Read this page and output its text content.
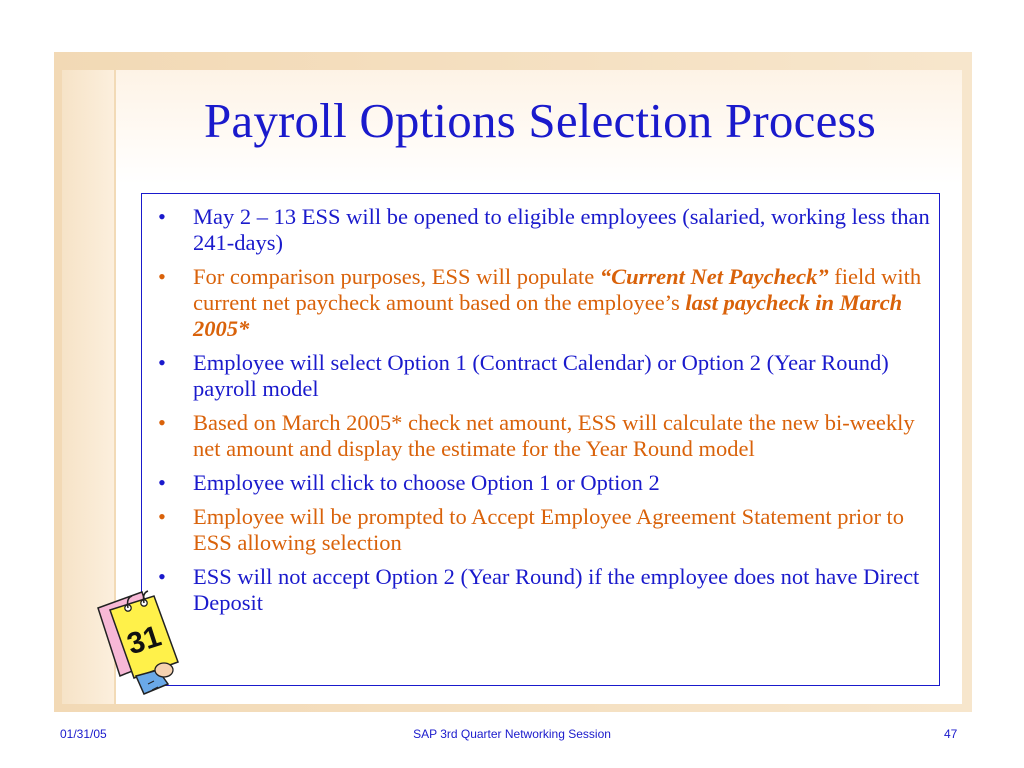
Payroll Options Selection Process
• May 2 – 13 ESS will be opened to eligible employees (salaried, working less than 241-days)
• For comparison purposes, ESS will populate “Current Net Paycheck” field with current net paycheck amount based on the employee’s last paycheck in March 2005*
• Employee will select Option 1 (Contract Calendar) or Option 2 (Year Round) payroll model
• Based on March 2005* check net amount, ESS will calculate the new bi-weekly net amount and display the estimate for the Year Round model
• Employee will click to choose Option 1 or Option 2
• Employee will be prompted to Accept Employee Agreement Statement prior to ESS allowing selection
• ESS will not accept Option 2 (Year Round) if the employee does not have Direct Deposit
31
01/31/05	SAP 3rd Quarter Networking Session	47
